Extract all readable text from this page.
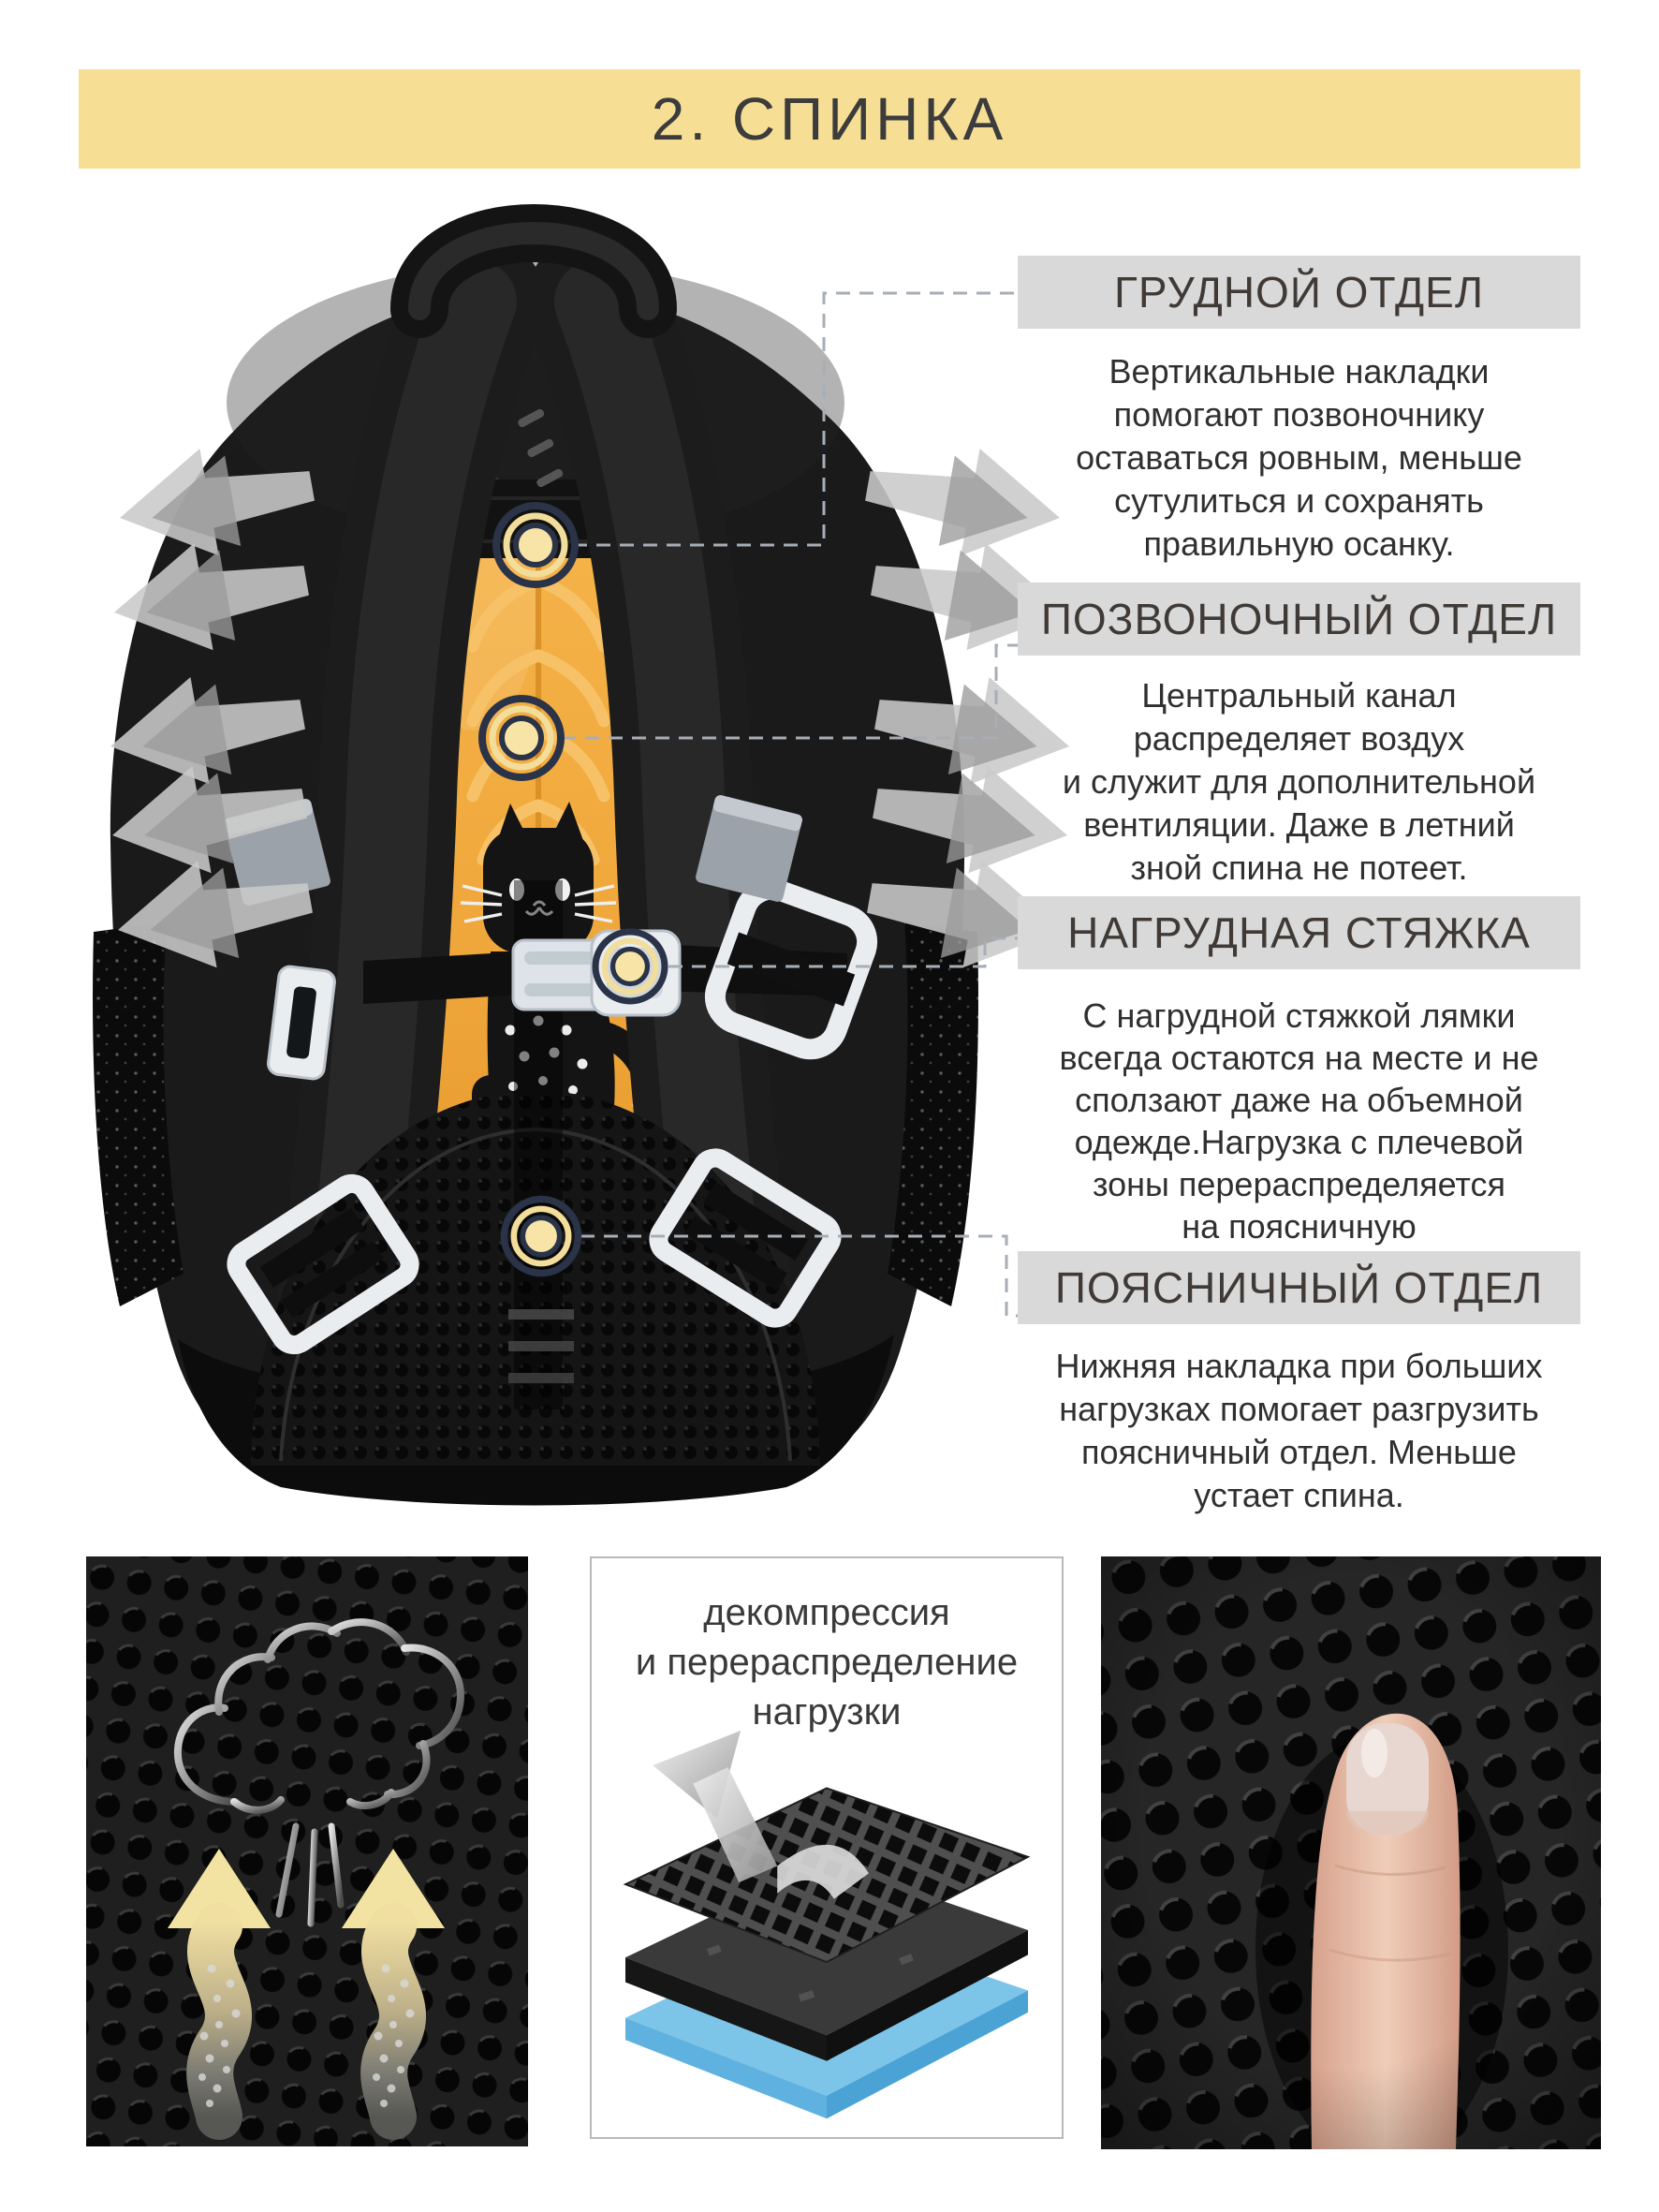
2. СПИНКА
ГРУДНОЙ ОТДЕЛ
Вертикальные накладки
помогают позвоночнику
оставаться ровным, меньше
сутулиться и сохранять
правильную осанку.
ПОЗВОНОЧНЫЙ ОТДЕЛ
Центральный канал
распределяет воздух
и служит для дополнительной
вентиляции. Даже в летний
зной спина не потеет.
НАГРУДНАЯ СТЯЖКА
С нагрудной стяжкой лямки
всегда остаются на месте и не
сползают даже на объемной
одежде.Нагрузка с плечевой
зоны перераспределяется
на поясничную
ПОЯСНИЧНЫЙ ОТДЕЛ
Нижняя накладка при больших
нагрузках помогает разгрузить
поясничный отдел. Меньше
устает спина.
декомпрессия
и перераспределение
нагрузки
